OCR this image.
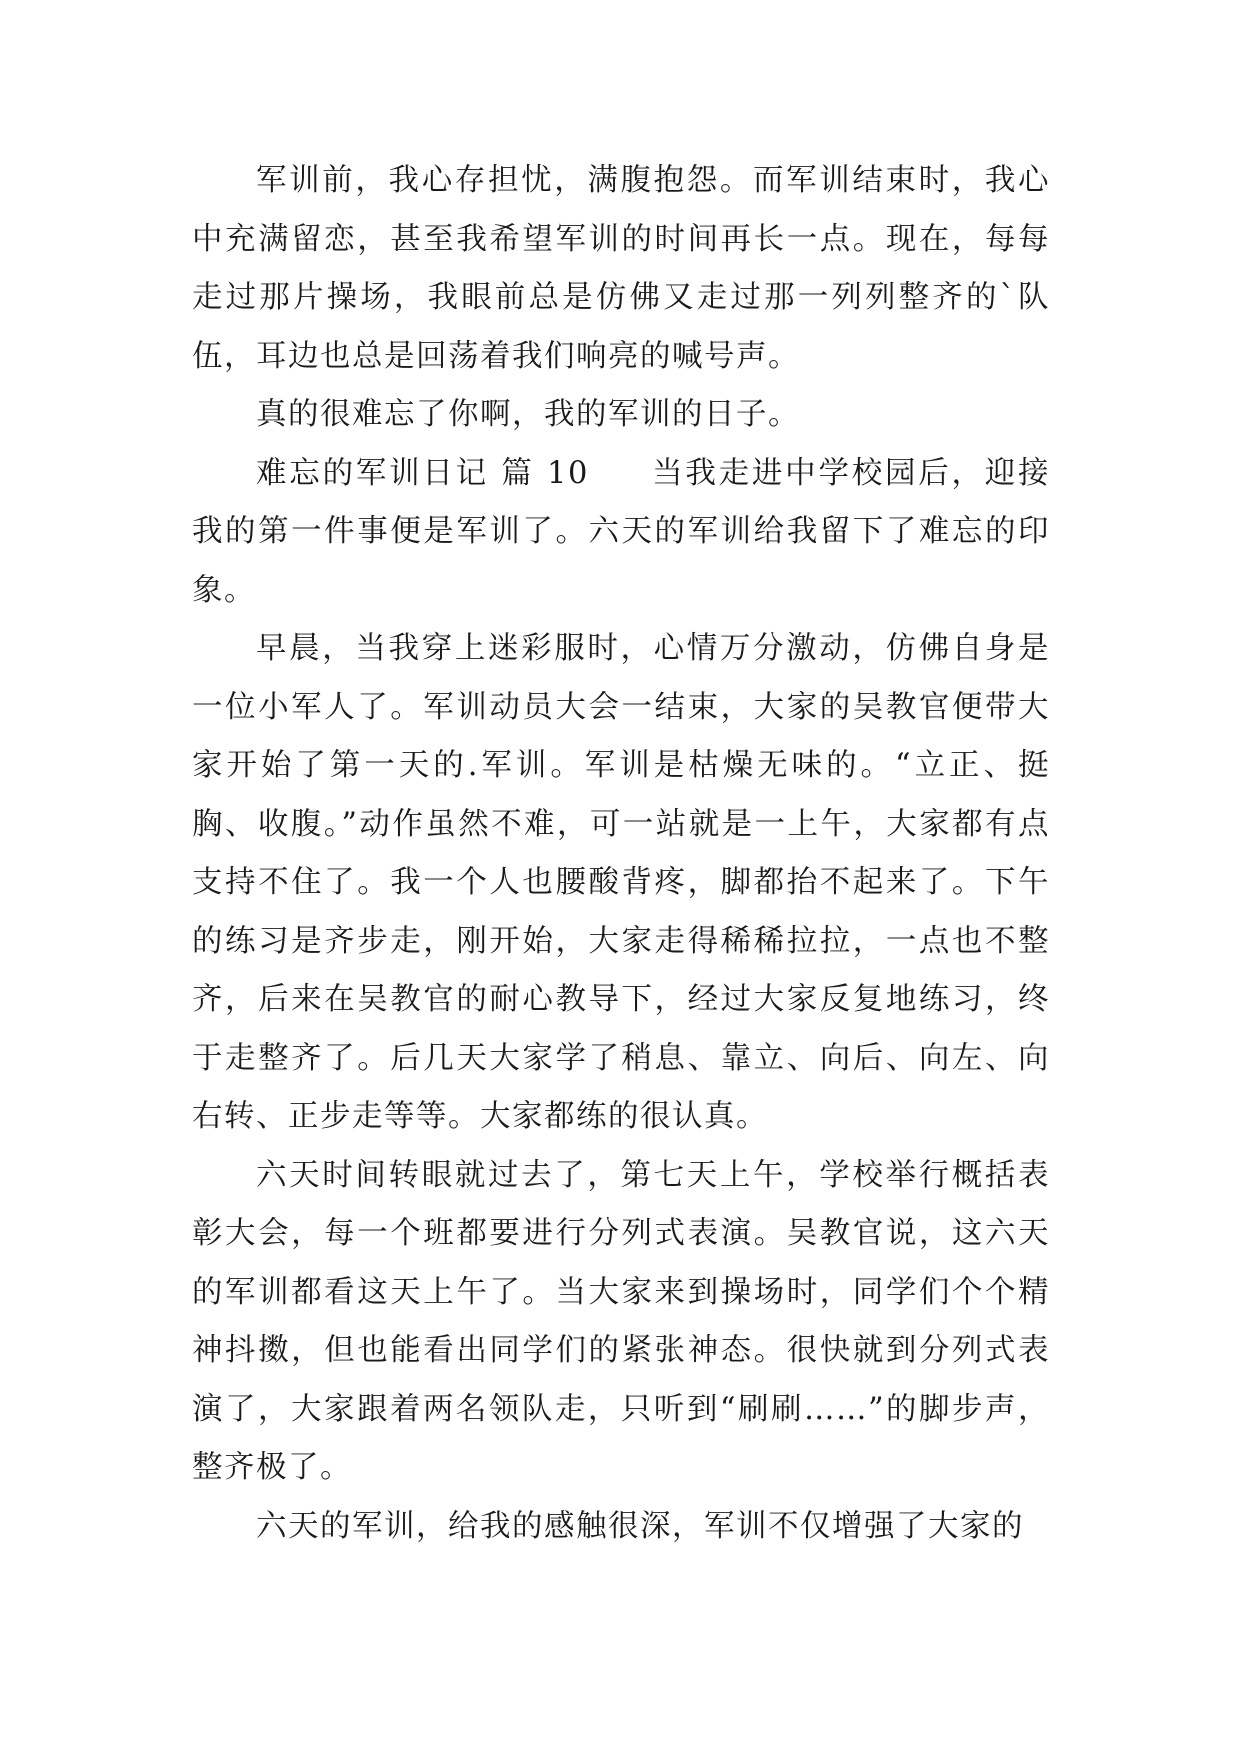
军训前，我心存担忧，满腹抱怨。而军训结束时，我心中充满留恋，甚至我希望军训的时间再长一点。现在，每每走过那片操场，我眼前总是仿佛又走过那一列列整齐的`队伍，耳边也总是回荡着我们响亮的喊号声。

真的很难忘了你啊，我的军训的日子。

难忘的军训日记 篇 10 当我走进中学校园后，迎接我的第一件事便是军训了。六天的军训给我留下了难忘的印象。

早晨，当我穿上迷彩服时，心情万分激动，仿佛自身是一位小军人了。军训动员大会一结束，大家的吴教官便带大家开始了第一天的.军训。军训是枯燥无味的。“立正、挺胸、收腹。”动作虽然不难，可一站就是一上午，大家都有点支持不住了。我一个人也腰酸背疼，脚都抬不起来了。下午的练习是齐步走，刚开始，大家走得稀稀拉拉，一点也不整齐，后来在吴教官的耐心教导下，经过大家反复地练习，终于走整齐了。后几天大家学了稍息、靠立、向后、向左、向右转、正步走等等。大家都练的很认真。

六天时间转眼就过去了，第七天上午，学校举行概括表彰大会，每一个班都要进行分列式表演。吴教官说，这六天的军训都看这天上午了。当大家来到操场时，同学们个个精神抖擞，但也能看出同学们的紧张神态。很快就到分列式表演了，大家跟着两名领队走，只听到“刷刷……”的脚步声，整齐极了。

六天的军训，给我的感触很深，军训不仅增强了大家的
